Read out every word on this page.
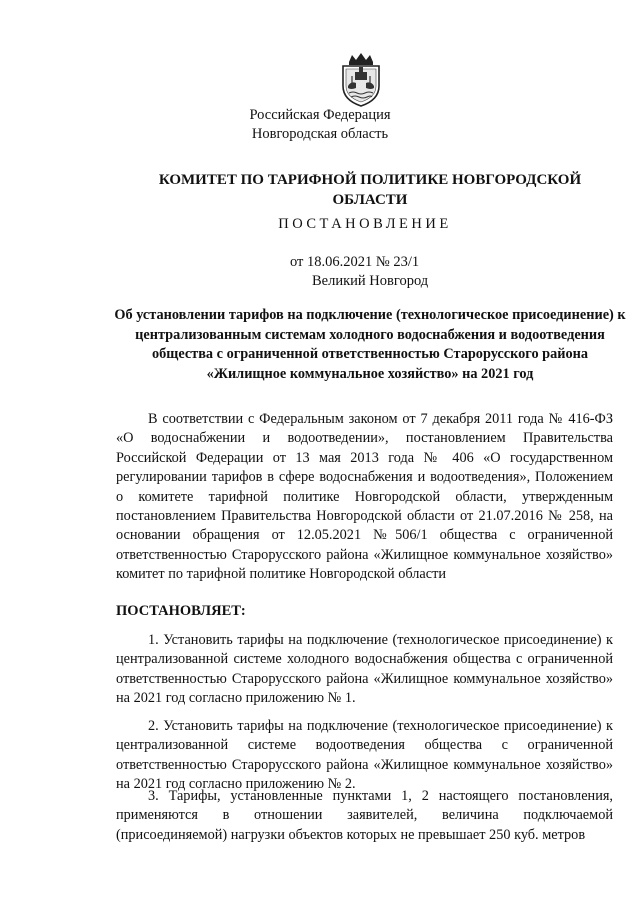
Российская Федерация
Новгородская область
КОМИТЕТ ПО ТАРИФНОЙ ПОЛИТИКЕ НОВГОРОДСКОЙ
ОБЛАСТИ
ПОСТАНОВЛЕНИЕ
от 18.06.2021 № 23/1
Великий Новгород
Об установлении тарифов на подключение (технологическое присоединение) к централизованным системам холодного водоснабжения и водоотведения общества с ограниченной ответственностью Старорусского района «Жилищное коммунальное хозяйство» на 2021 год

В соответствии с Федеральным законом от 7 декабря 2011 года № 416-ФЗ «О водоснабжении и водоотведении», постановлением Правительства Российской Федерации от 13 мая 2013 года № 406 «О государственном регулировании тарифов в сфере водоснабжения и водоотведения», Положением о комитете тарифной политике Новгородской области, утвержденным постановлением Правительства Новгородской области от 21.07.2016 № 258, на основании обращения от 12.05.2021 №506/1 общества с ограниченной ответственностью Старорусского района «Жилищное коммунальное хозяйство» комитет по тарифной политике Новгородской области

ПОСТАНОВЛЯЕТ:

1. Установить тарифы на подключение (технологическое присоединение) к централизованной системе холодного водоснабжения общества с ограниченной ответственностью Старорусского района «Жилищное коммунальное хозяйство» на 2021 год согласно приложению № 1.

2. Установить тарифы на подключение (технологическое присоединение) к централизованной системе водоотведения общества с ограниченной ответственностью Старорусского района «Жилищное коммунальное хозяйство» на 2021 год согласно приложению № 2.

3. Тарифы, установленные пунктами 1, 2 настоящего постановления, применяются в отношении заявителей, величина подключаемой (присоединяемой) нагрузки объектов которых не превышает 250 куб. метров
